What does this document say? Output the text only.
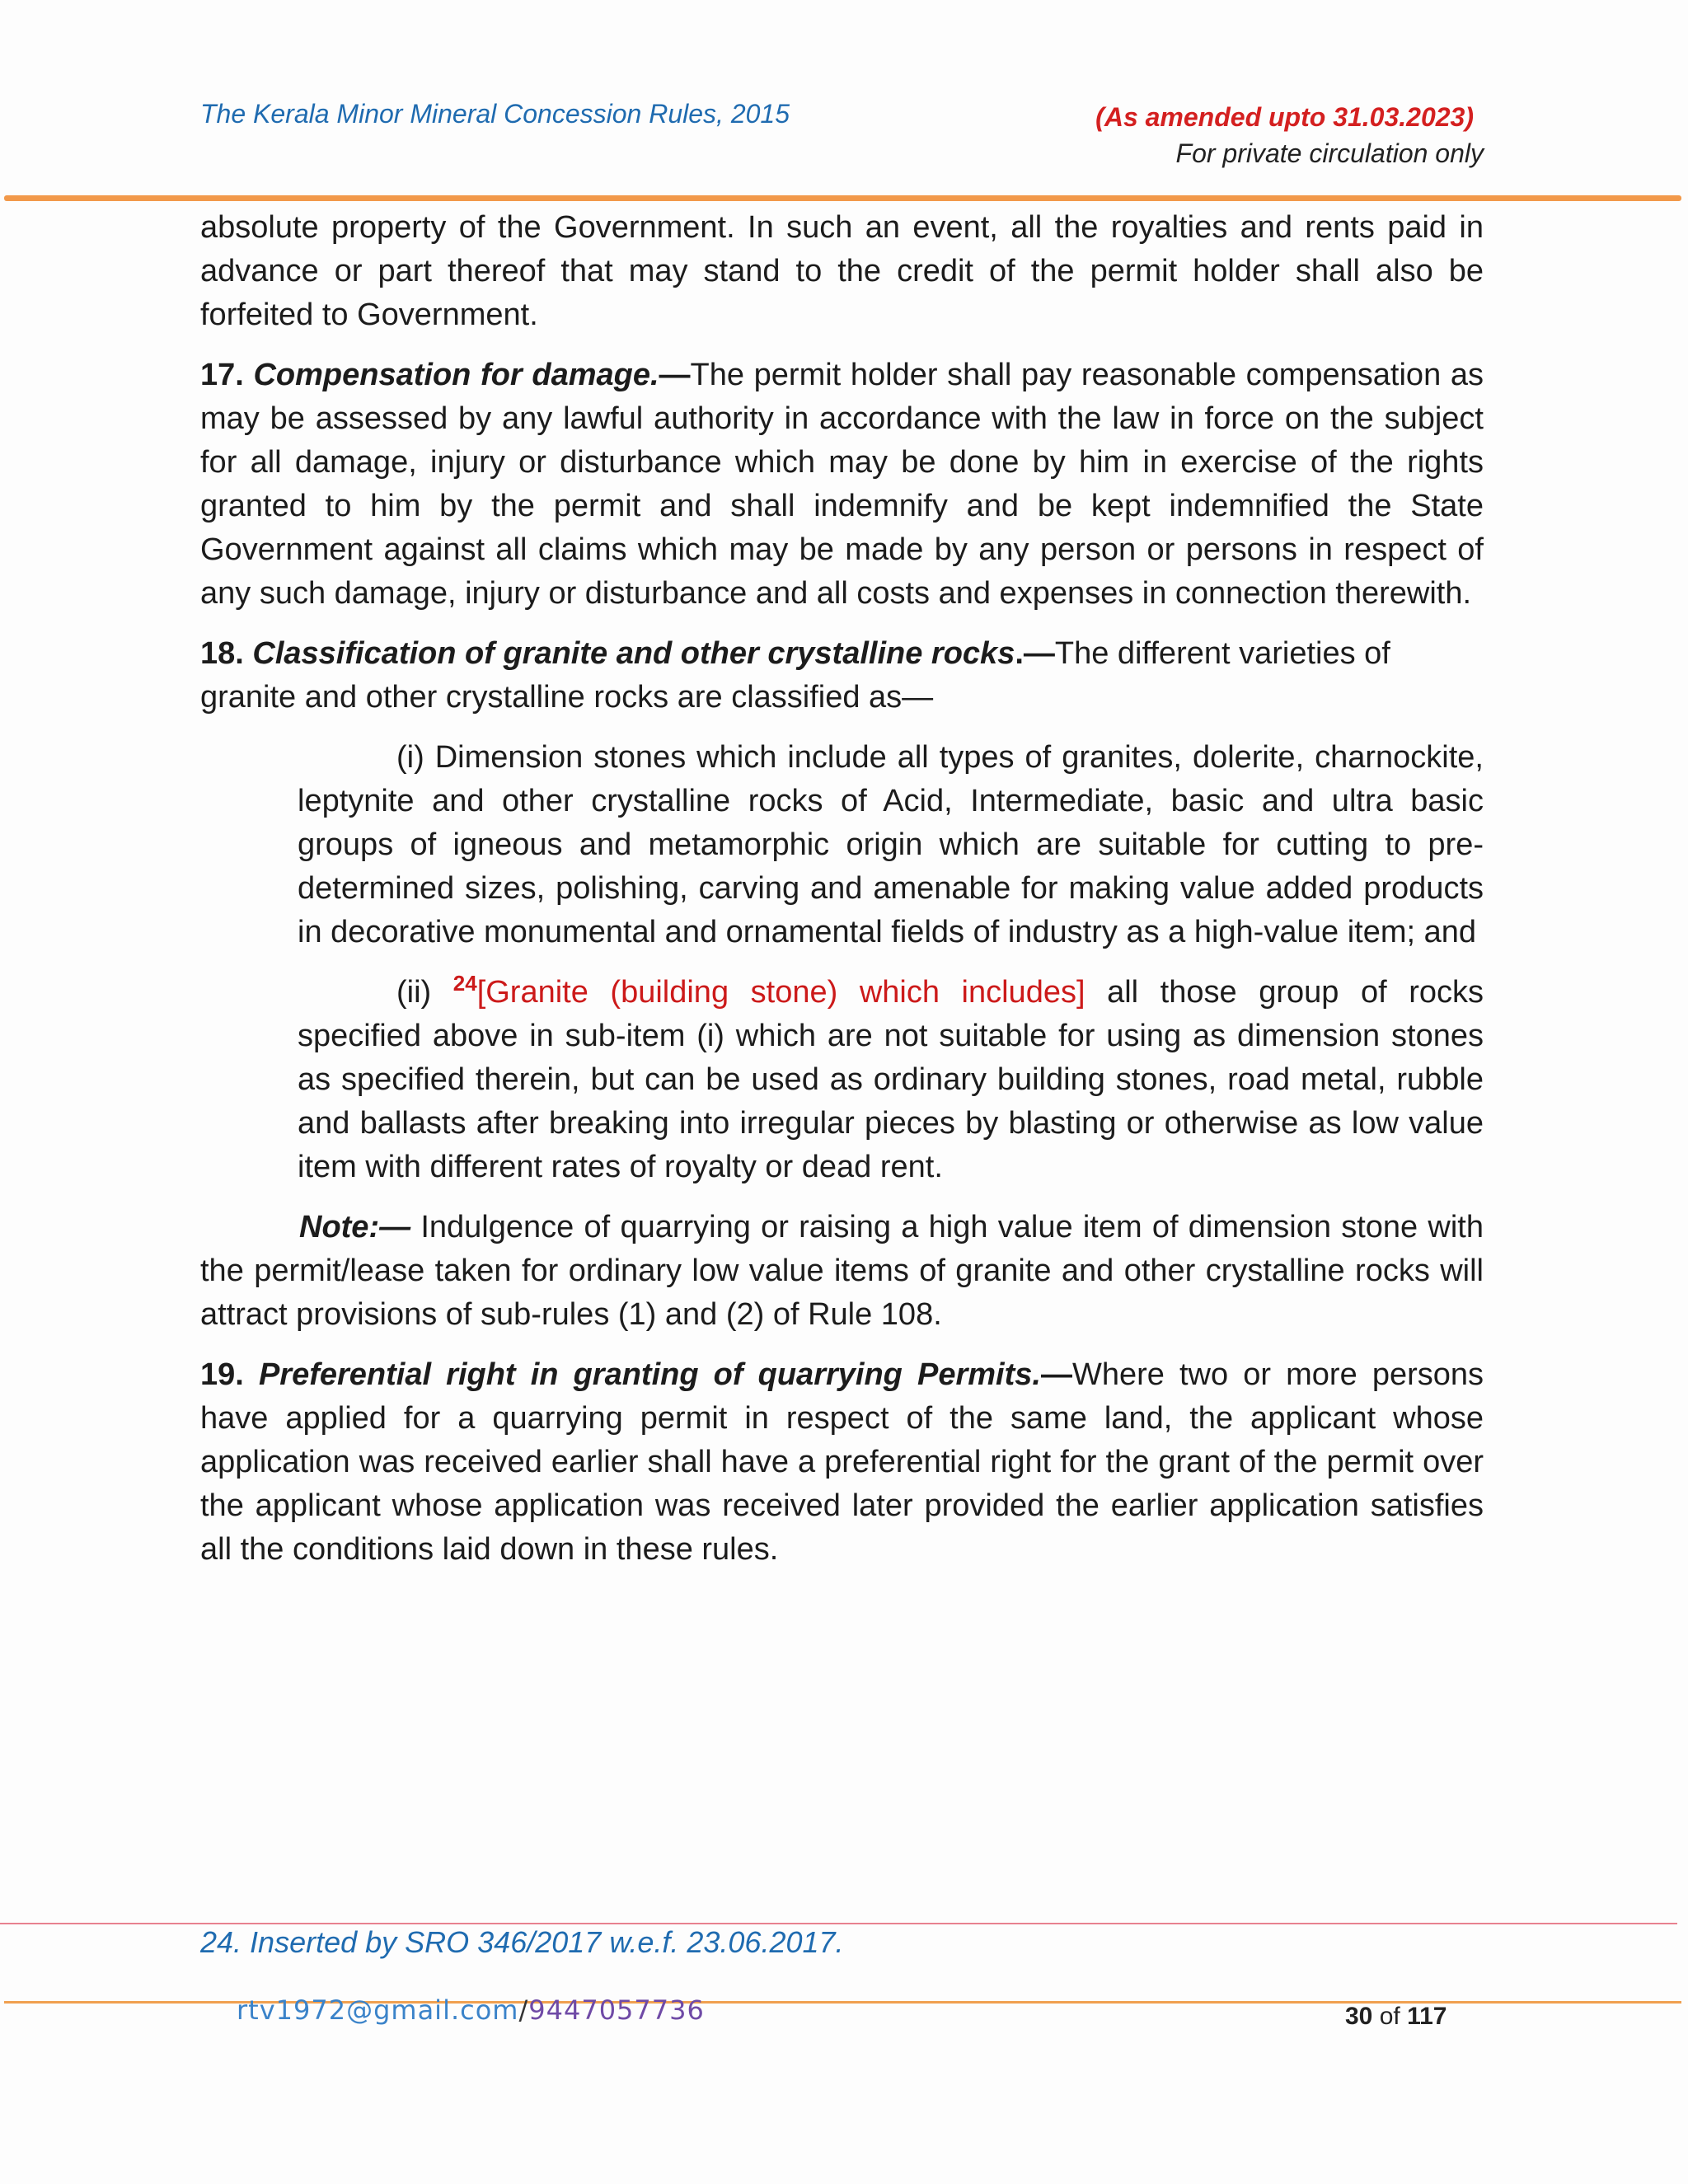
The Kerala Minor Mineral Concession Rules, 2015	(As amended upto 31.03.2023)
For private circulation only

absolute property of the Government. In such an event, all the royalties and rents paid in advance or part thereof that may stand to the credit of the permit holder shall also be forfeited to Government.

17. Compensation for damage.—The permit holder shall pay reasonable compensation as may be assessed by any lawful authority in accordance with the law in force on the subject for all damage, injury or disturbance which may be done by him in exercise of the rights granted to him by the permit and shall indemnify and be kept indemnified the State Government against all claims which may be made by any person or persons in respect of any such damage, injury or disturbance and all costs and expenses in connection therewith.

18. Classification of granite and other crystalline rocks.—The different varieties of granite and other crystalline rocks are classified as—

(i) Dimension stones which include all types of granites, dolerite, charnockite, leptynite and other crystalline rocks of Acid, Intermediate, basic and ultra basic groups of igneous and metamorphic origin which are suitable for cutting to pre-determined sizes, polishing, carving and amenable for making value added products in decorative monumental and ornamental fields of industry as a high-value item; and

(ii) $^{24}$[Granite (building stone) which includes] all those group of rocks specified above in sub-item (i) which are not suitable for using as dimension stones as specified therein, but can be used as ordinary building stones, road metal, rubble and ballasts after breaking into irregular pieces by blasting or otherwise as low value item with different rates of royalty or dead rent.

Note:— Indulgence of quarrying or raising a high value item of dimension stone with the permit/lease taken for ordinary low value items of granite and other crystalline rocks will attract provisions of sub-rules (1) and (2) of Rule 108.

19. Preferential right in granting of quarrying Permits.—Where two or more persons have applied for a quarrying permit in respect of the same land, the applicant whose application was received earlier shall have a preferential right for the grant of the permit over the applicant whose application was received later provided the earlier application satisfies all the conditions laid down in these rules.

24. Inserted by SRO 346/2017 w.e.f. 23.06.2017.
rtv1972@gmail.com/9447057736	30 of 117
